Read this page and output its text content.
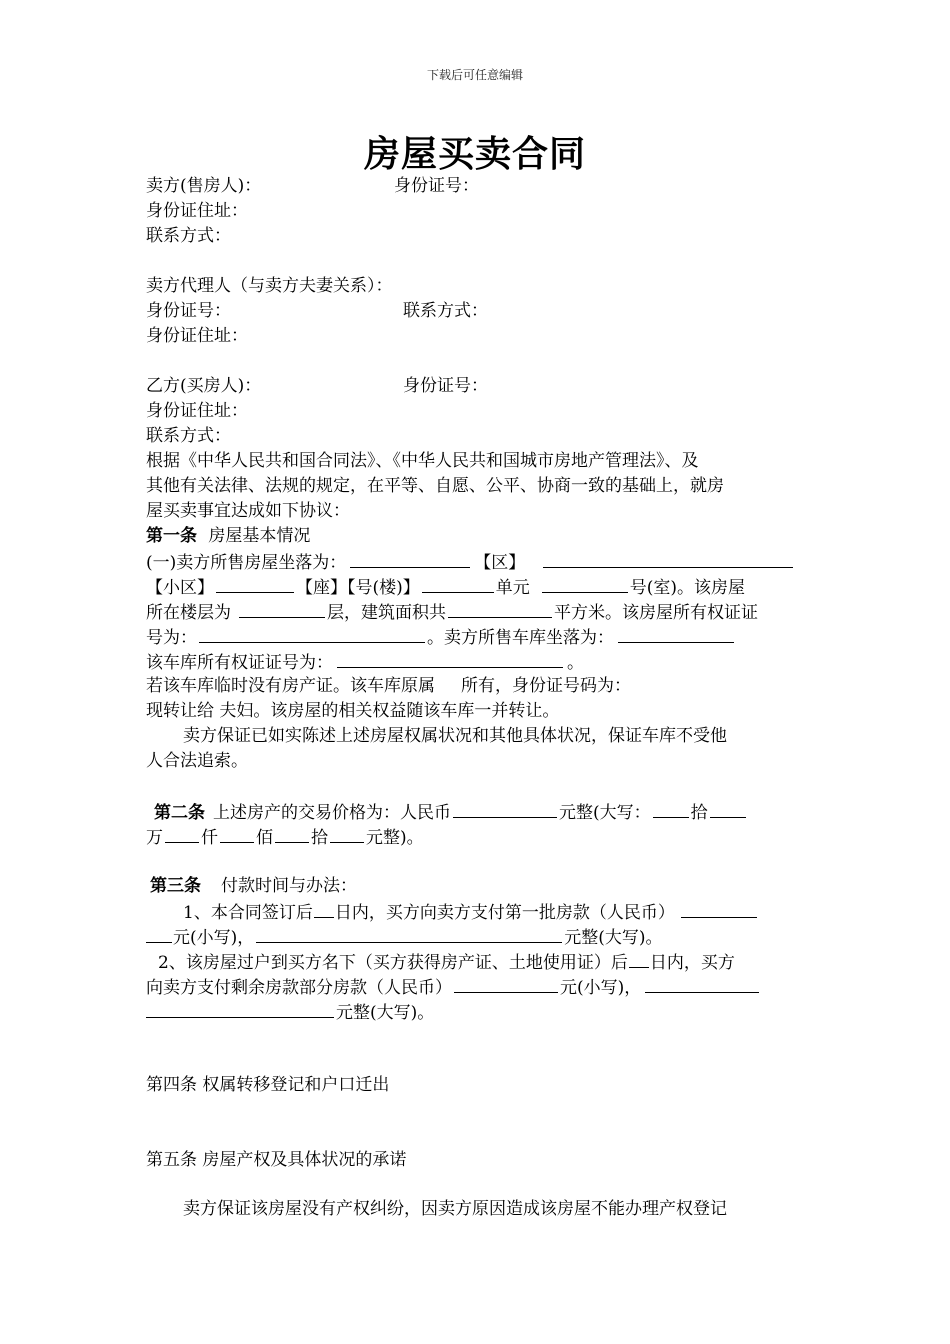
下载后可任意编辑
房屋买卖合同
卖方(售房人)：	身份证号：
身份证住址：
联系方式：
卖方代理人（与卖方夫妻关系）：
身份证号：	联系方式：
身份证住址：
乙方(买房人)：	身份证号：
身份证住址：
联系方式：
根据《中华人民共和国合同法》、《中华人民共和国城市房地产管理法》、及
其他有关法律、法规的规定，在平等、自愿、公平、协商一致的基础上，就房
屋买卖事宜达成如下协议：
第一条 房屋基本情况
(一)卖方所售房屋坐落为：	【区】
【小区】	【座】【号(楼)】	单元	号(室)。该房屋
所在楼层为	层，建筑面积共	平方米。该房屋所有权证证
号为：	。卖方所售车库坐落为：
该车库所有权证证号为：	。
若该车库临时没有房产证。该车库原属 所有，身份证号码为：
现转让给 夫妇。该房屋的相关权益随该车库一并转让。
卖方保证已如实陈述上述房屋权属状况和其他具体状况，保证车库不受他
人合法追索。
第二条 上述房产的交易价格为：人民币	元整(大写： 拾
万 仟 佰 拾 元整)。
第三条 付款时间与办法：
1、本合同签订后 日内，买方向卖方支付第一批房款（人民币）
元(小写)，	元整(大写)。
2、该房屋过户到买方名下（买方获得房产证、土地使用证）后 日内，买方
向卖方支付剩余房款部分房款（人民币）	元(小写)，
元整(大写)。
第四条 权属转移登记和户口迁出
第五条 房屋产权及具体状况的承诺
卖方保证该房屋没有产权纠纷，因卖方原因造成该房屋不能办理产权登记
